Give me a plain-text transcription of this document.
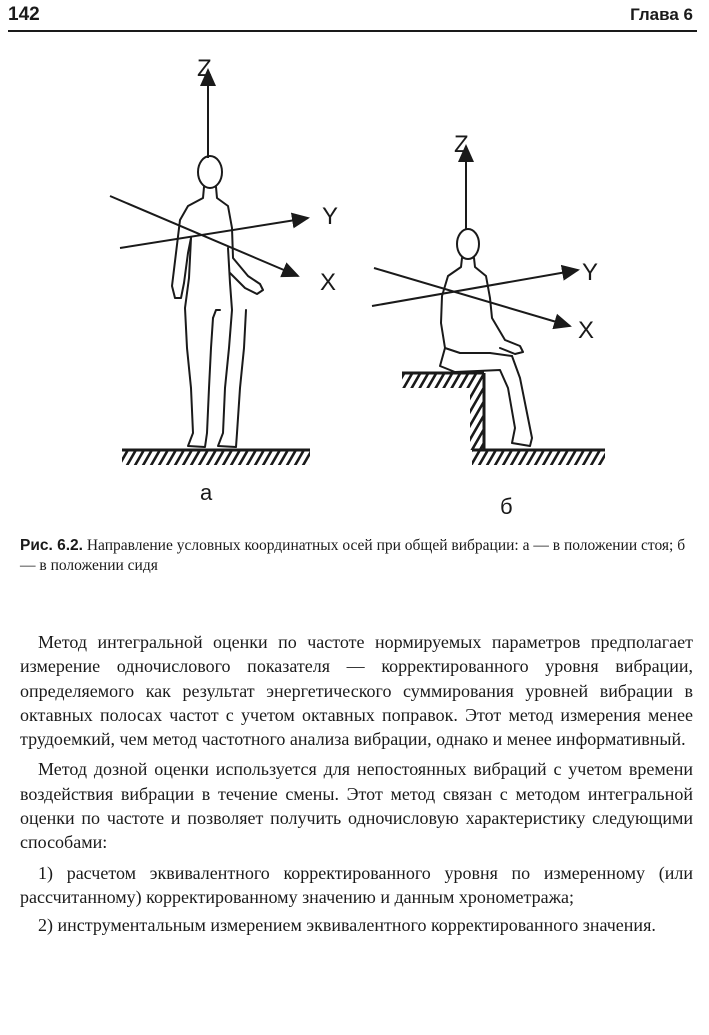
142	Глава 6
Z
Y
X
а
Z
Y
X
б
Рис. 6.2. Направление условных координатных осей при общей вибрации: а — в положении стоя; б — в положении сидя

Метод интегральной оценки по частоте нормируемых параметров предполагает измерение одночислового показателя — корректированного уровня вибрации, определяемого как результат энергетического суммирования уровней вибрации в октавных полосах частот с учетом октавных поправок. Этот метод измерения менее трудоемкий, чем метод частотного анализа вибрации, однако и менее информативный.

Метод дозной оценки используется для непостоянных вибраций с учетом времени воздействия вибрации в течение смены. Этот метод связан с методом интегральной оценки по частоте и позволяет получить одночисловую характеристику следующими способами:

1) расчетом эквивалентного корректированного уровня по измеренному (или рассчитанному) корректированному значению и данным хронометража;

2) инструментальным измерением эквивалентного корректированного значения.
